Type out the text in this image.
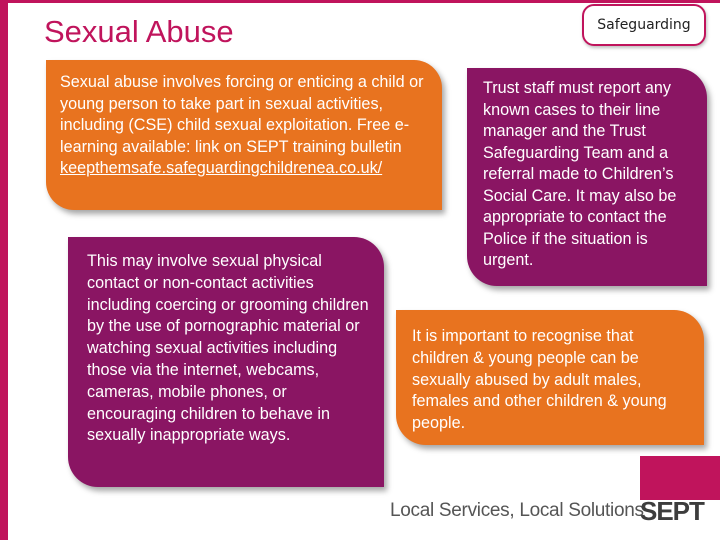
Sexual Abuse	Safeguarding
Sexual abuse involves forcing or enticing a child or young person to take part in sexual activities, including (CSE) child sexual exploitation. Free e-learning available: link on SEPT training bulletin
keepthemsafe.safeguardingchildrenea.co.uk/
Trust staff must report any known cases to their line manager and the Trust Safeguarding Team and a referral made to Children’s Social Care. It may also be appropriate to contact the Police if the situation is urgent.
This may involve sexual physical contact or non-contact activities including coercing or grooming children by the use of pornographic material or watching sexual activities including those via the internet, webcams, cameras, mobile phones, or encouraging children to behave in sexually inappropriate ways.
It is important to recognise that children & young people can be sexually abused by adult males, females and other children & young people.
Local Services, Local Solutions
SEPT
